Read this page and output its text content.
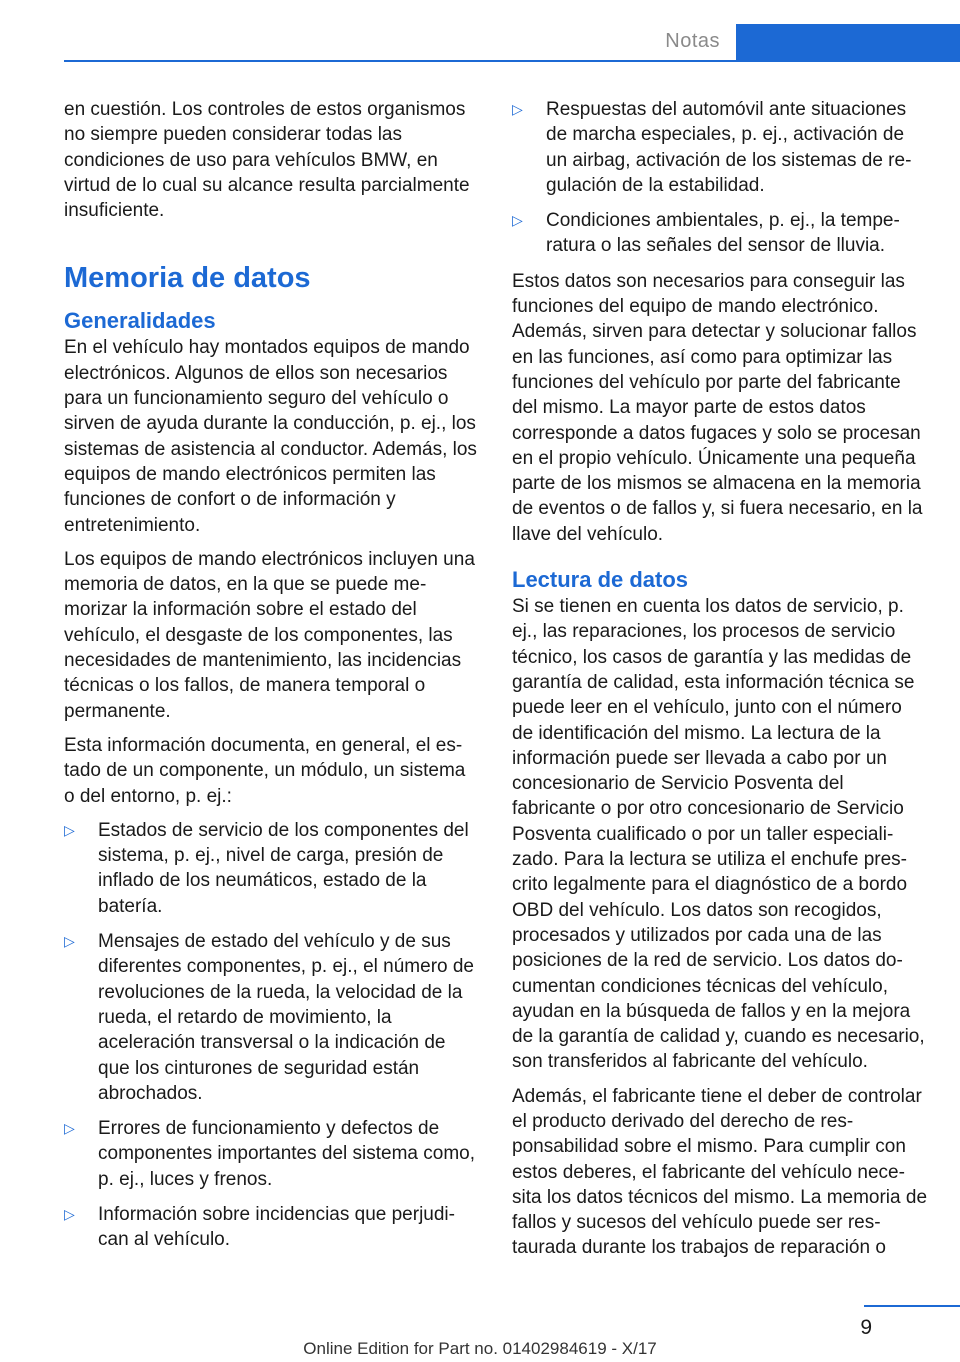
Notas

en cuestión. Los controles de estos organismos no siempre pueden considerar todas las condiciones de uso para vehículos BMW, en virtud de lo cual su alcance resulta parcialmente insuficiente.

Memoria de datos
Generalidades

En el vehículo hay montados equipos de mando electrónicos. Algunos de ellos son necesarios para un funcionamiento seguro del vehículo o sirven de ayuda durante la conducción, p. ej., los sistemas de asistencia al conductor. Además, los equipos de mando electrónicos permiten las funciones de confort o de información y entretenimiento.

Los equipos de mando electrónicos incluyen una memoria de datos, en la que se puede memorizar la información sobre el estado del vehículo, el desgaste de los componentes, las necesidades de mantenimiento, las incidencias técnicas o los fallos, de manera temporal o permanente.

Esta información documenta, en general, el estado de un componente, un módulo, un sistema o del entorno, p. ej.:

▷ Estados de servicio de los componentes del sistema, p. ej., nivel de carga, presión de inflado de los neumáticos, estado de la batería.
▷ Mensajes de estado del vehículo y de sus diferentes componentes, p. ej., el número de revoluciones de la rueda, la velocidad de la rueda, el retardo de movimiento, la aceleración transversal o la indicación de que los cinturones de seguridad están abrochados.
▷ Errores de funcionamiento y defectos de componentes importantes del sistema como, p. ej., luces y frenos.
▷ Información sobre incidencias que perjudican al vehículo.
▷ Respuestas del automóvil ante situaciones de marcha especiales, p. ej., activación de un airbag, activación de los sistemas de regulación de la estabilidad.
▷ Condiciones ambientales, p. ej., la temperatura o las señales del sensor de lluvia.

Estos datos son necesarios para conseguir las funciones del equipo de mando electrónico. Además, sirven para detectar y solucionar fallos en las funciones, así como para optimizar las funciones del vehículo por parte del fabricante del mismo. La mayor parte de estos datos corresponde a datos fugaces y solo se procesan en el propio vehículo. Únicamente una pequeña parte de los mismos se almacena en la memoria de eventos o de fallos y, si fuera necesario, en la llave del vehículo.

Lectura de datos

Si se tienen en cuenta los datos de servicio, p. ej., las reparaciones, los procesos de servicio técnico, los casos de garantía y las medidas de garantía de calidad, esta información técnica se puede leer en el vehículo, junto con el número de identificación del mismo. La lectura de la información puede ser llevada a cabo por un concesionario de Servicio Posventa del fabricante o por otro concesionario de Servicio Posventa cualificado o por un taller especializado. Para la lectura se utiliza el enchufe prescrito legalmente para el diagnóstico de a bordo OBD del vehículo. Los datos son recogidos, procesados y utilizados por cada una de las posiciones de la red de servicio. Los datos documentan condiciones técnicas del vehículo, ayudan en la búsqueda de fallos y en la mejora de la garantía de calidad y, cuando es necesario, son transferidos al fabricante del vehículo.

Además, el fabricante tiene el deber de controlar el producto derivado del derecho de responsabilidad sobre el mismo. Para cumplir con estos deberes, el fabricante del vehículo necesita los datos técnicos del mismo. La memoria de fallos y sucesos del vehículo puede ser restaurada durante los trabajos de reparación o

9
Online Edition for Part no. 01402984619 - X/17
